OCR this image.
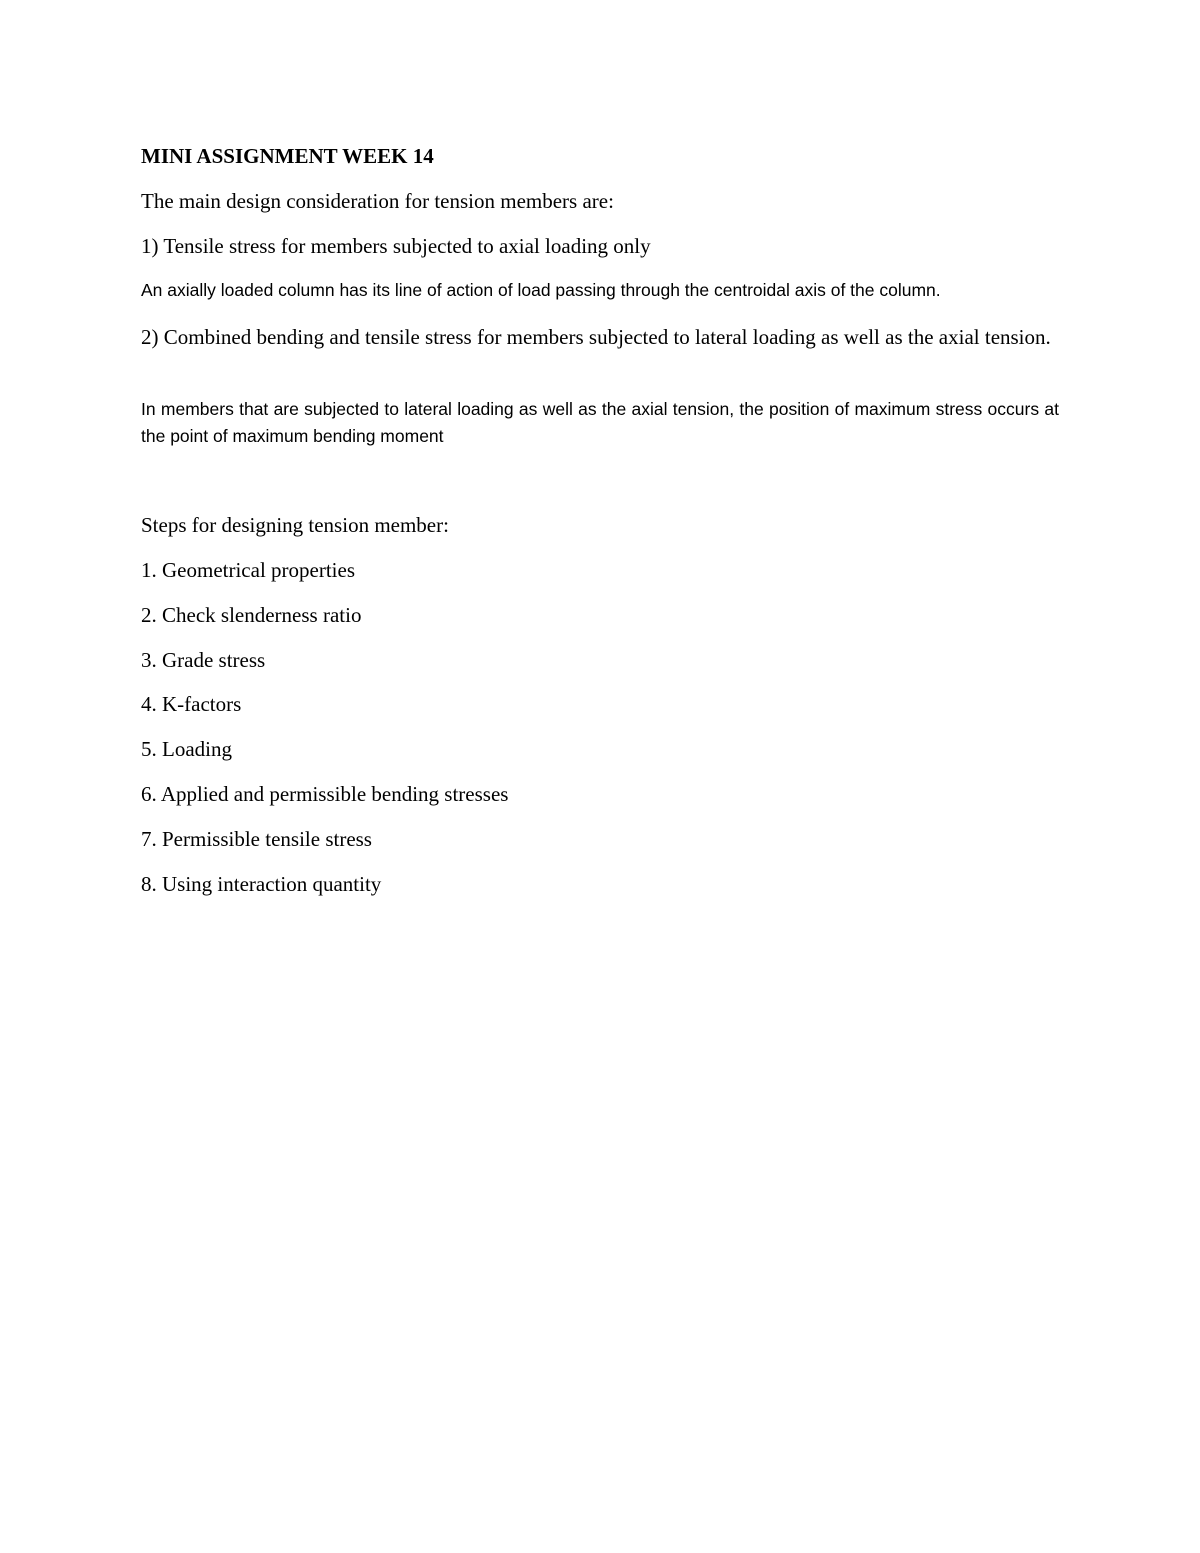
MINI ASSIGNMENT WEEK 14
The main design consideration for tension members are:
1) Tensile stress for members subjected to axial loading only
An axially loaded column has its line of action of load passing through the centroidal axis of the column.

2) Combined bending and tensile stress for members subjected to lateral loading as well as the axial tension.

In members that are subjected to lateral loading as well as the axial tension, the position of maximum stress occurs at the point of maximum bending moment

Steps for designing tension member:
1. Geometrical properties
2. Check slenderness ratio
3. Grade stress
4. K-factors
5. Loading
6. Applied and permissible bending stresses
7. Permissible tensile stress
8. Using interaction quantity
